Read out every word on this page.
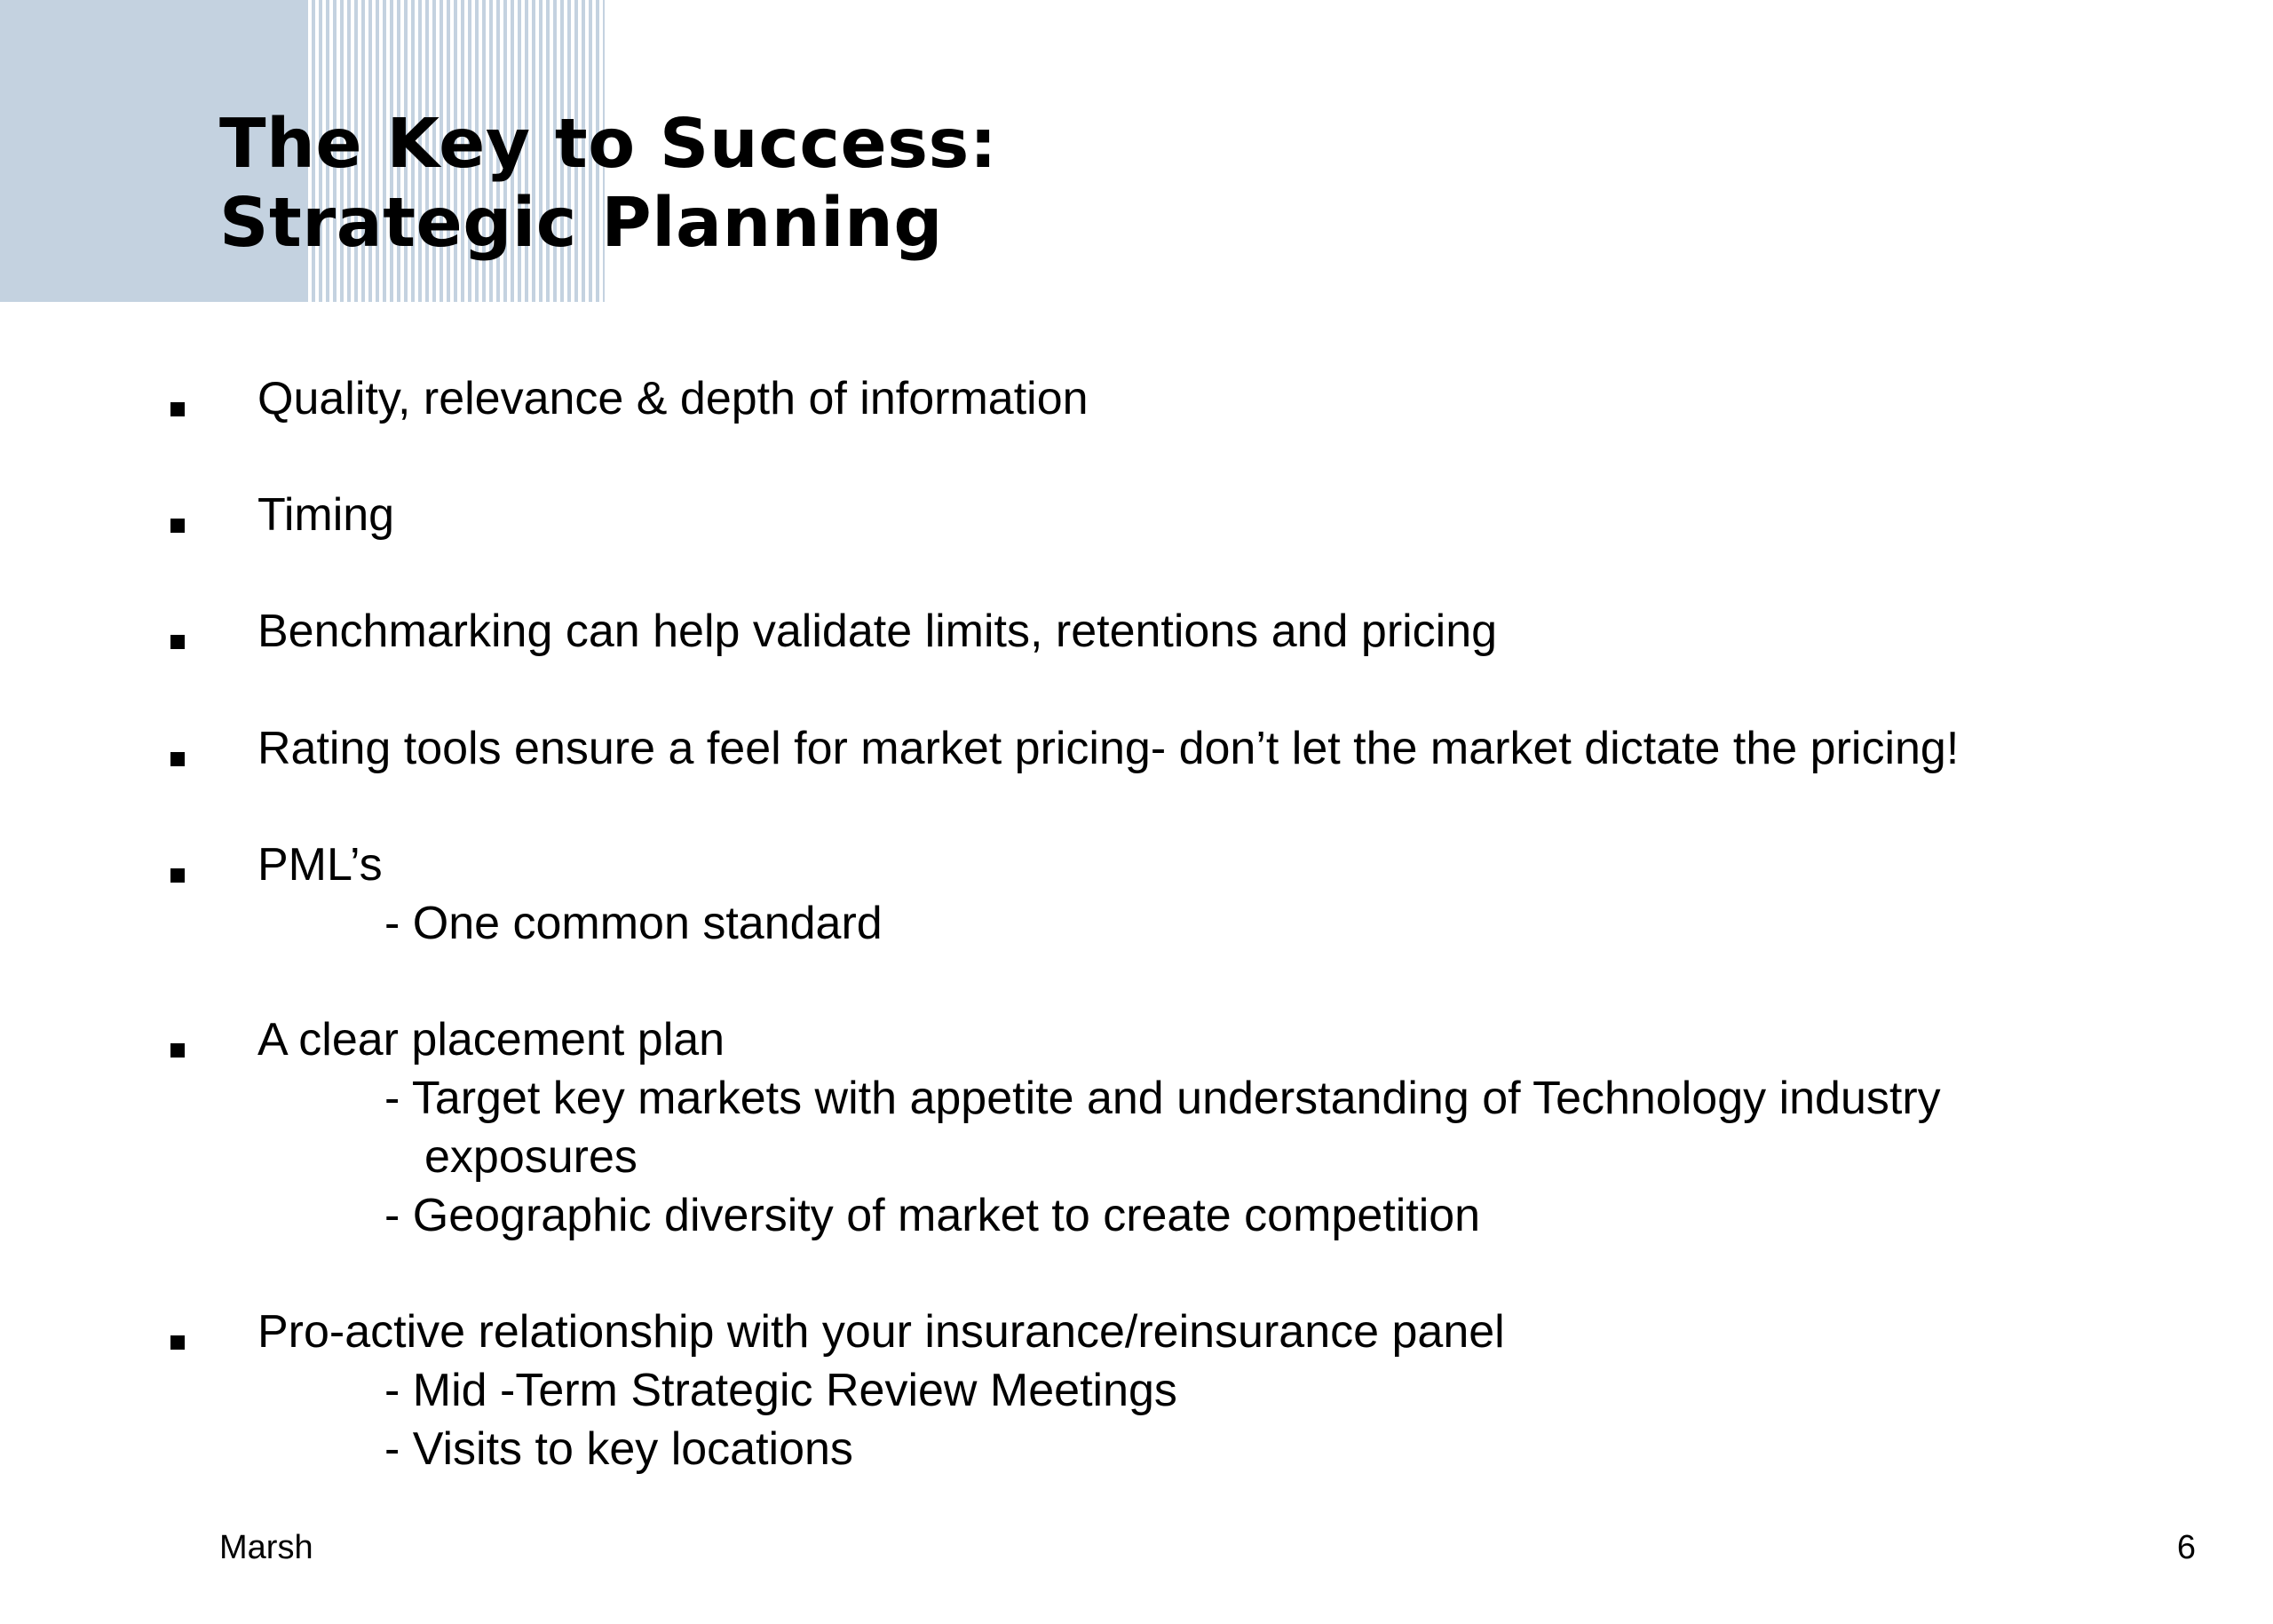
The Key to Success:
Strategic Planning
Quality, relevance & depth of information
Timing
Benchmarking can help validate limits, retentions and pricing
Rating tools ensure a feel for market pricing- don’t let the market dictate the pricing!
PML’s
- One common standard
A clear placement plan
- Target key markets with appetite and understanding of Technology industry
exposures
- Geographic diversity of market to create competition
Pro-active relationship with your insurance/reinsurance panel
- Mid -Term Strategic Review Meetings
- Visits to key locations
Marsh	6
